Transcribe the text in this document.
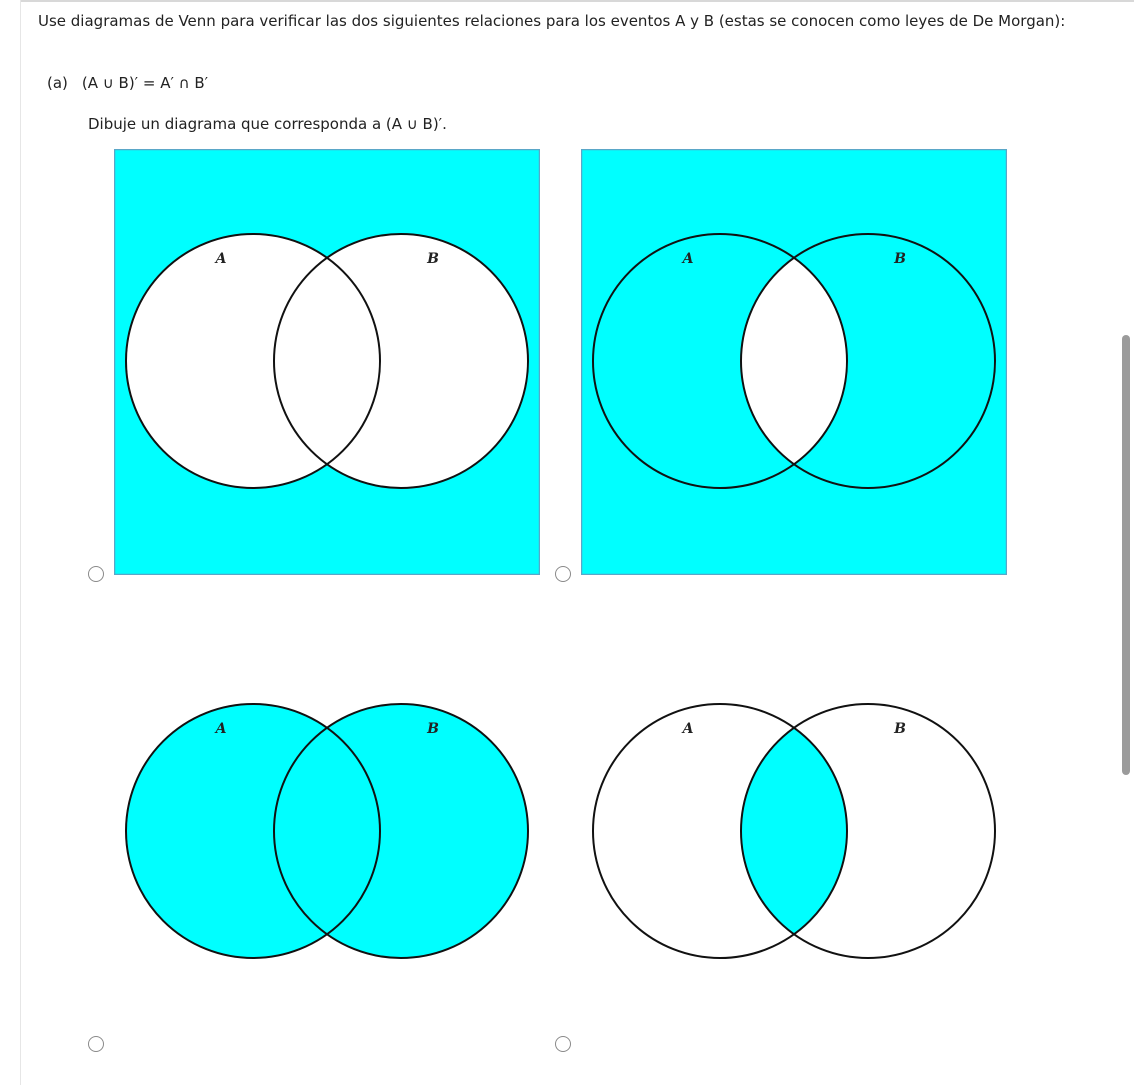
Use diagramas de Venn para verificar las dos siguientes relaciones para los eventos A y B (estas se conocen como leyes de De Morgan):

(a) (A ∪ B)′ = A′ ∩ B′

Dibuje un diagrama que corresponda a (A ∪ B)′.

A	B	A	B
A	B	A	B
